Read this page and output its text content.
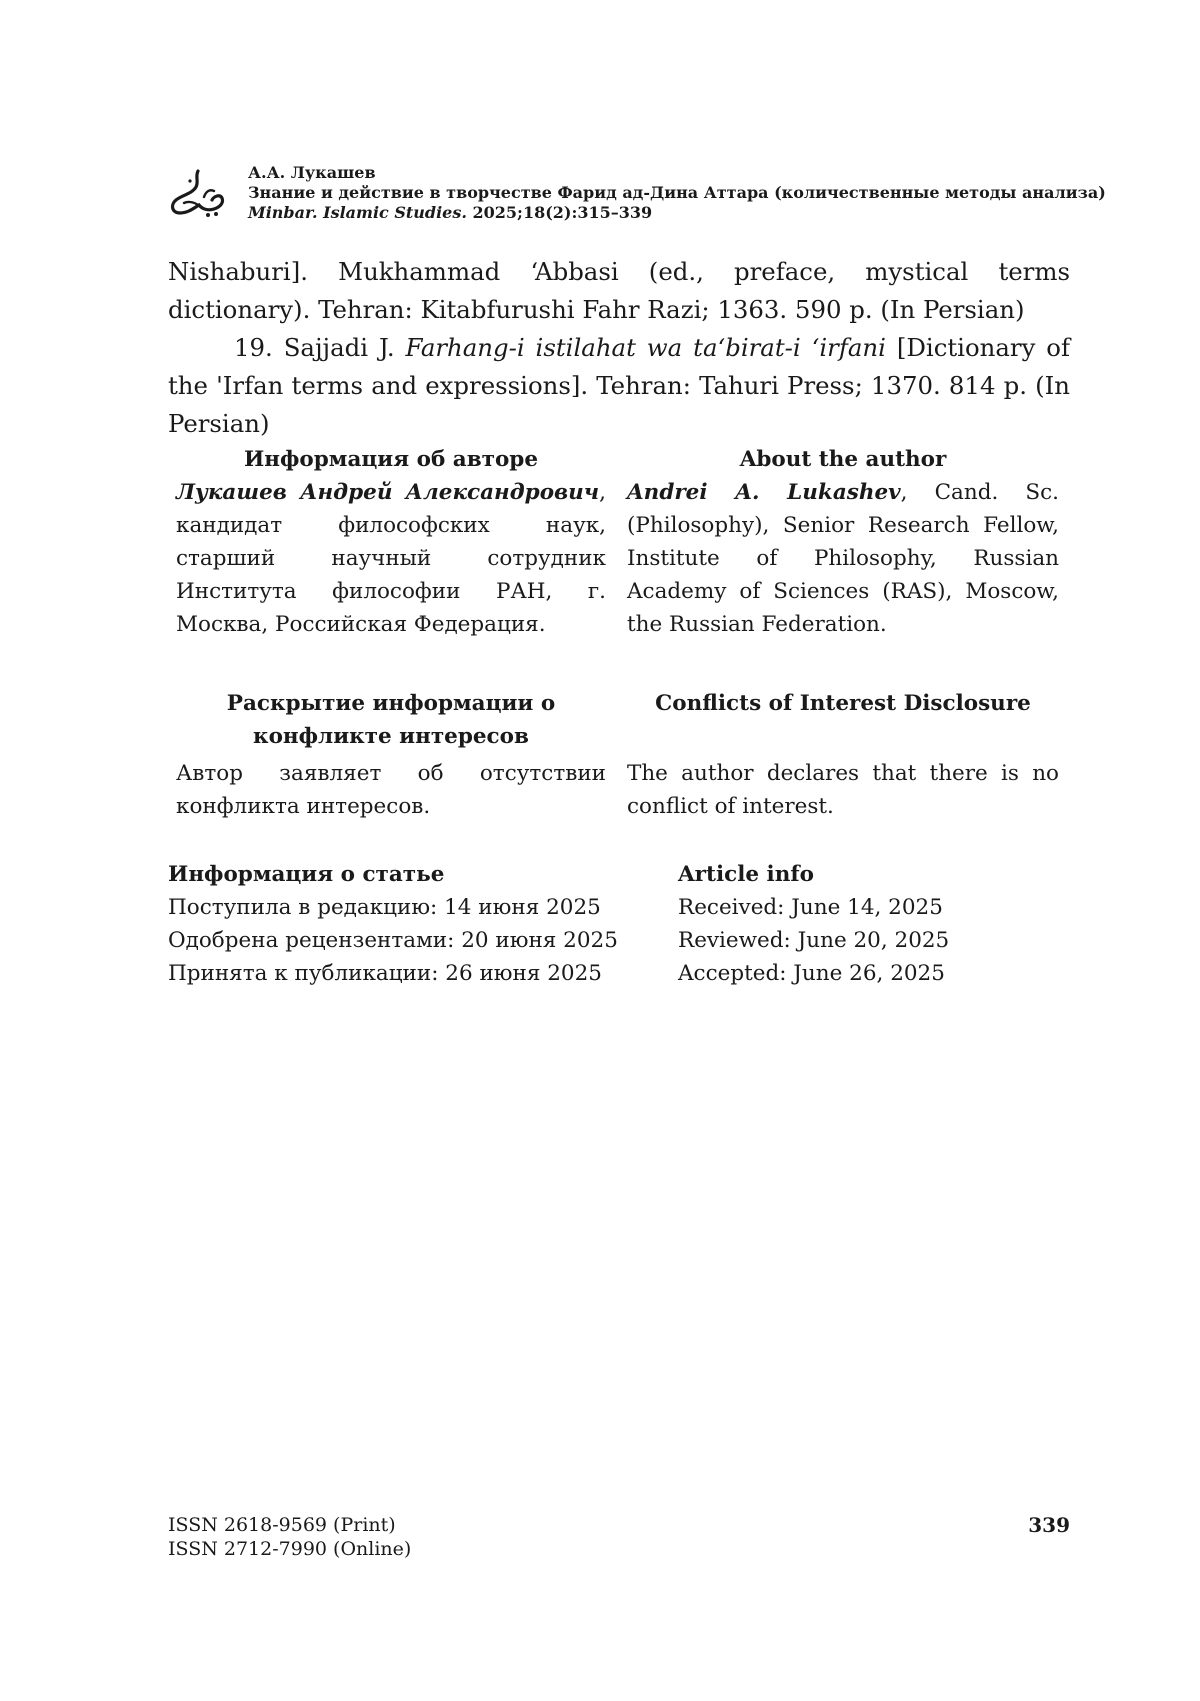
А.А. Лукашев
Знание и действие в творчестве Фарид ад-Дина Аттара (количественные методы анализа)
Minbar. Islamic Studies. 2025;18(2):315–339

Nishaburi]. Mukhammad ‘Abbasi (ed., preface, mystical terms dictionary). Tehran: Kitabfurushi Fahr Razi; 1363. 590 p. (In Persian)

19. Sajjadi J. Farhang-i istilahat wa ta‘birat-i ‘irfani [Dictionary of the 'Irfan terms and expressions]. Tehran: Tahuri Press; 1370. 814 p. (In Persian)

Информация об авторе

Лукашев Андрей Александрович, кандидат философских наук, старший научный сотрудник Института философии РАН, г. Москва, Российская Федерация.

About the author

Andrei A. Lukashev, Cand. Sc. (Philosophy), Senior Research Fellow, Institute of Philosophy, Russian Academy of Sciences (RAS), Moscow, the Russian Federation.

Раскрытие информации о

конфликте интересов

Автор заявляет об отсутствии конфликта интересов.

Conflicts of Interest Disclosure

The author declares that there is no conflict of interest.

Информация о статье
Поступила в редакцию: 14 июня 2025
Одобрена рецензентами: 20 июня 2025
Принята к публикации: 26 июня 2025
Article info
Received: June 14, 2025
Reviewed: June 20, 2025
Accepted: June 26, 2025
ISSN 2618-9569 (Print)
ISSN 2712-7990 (Online)
339
